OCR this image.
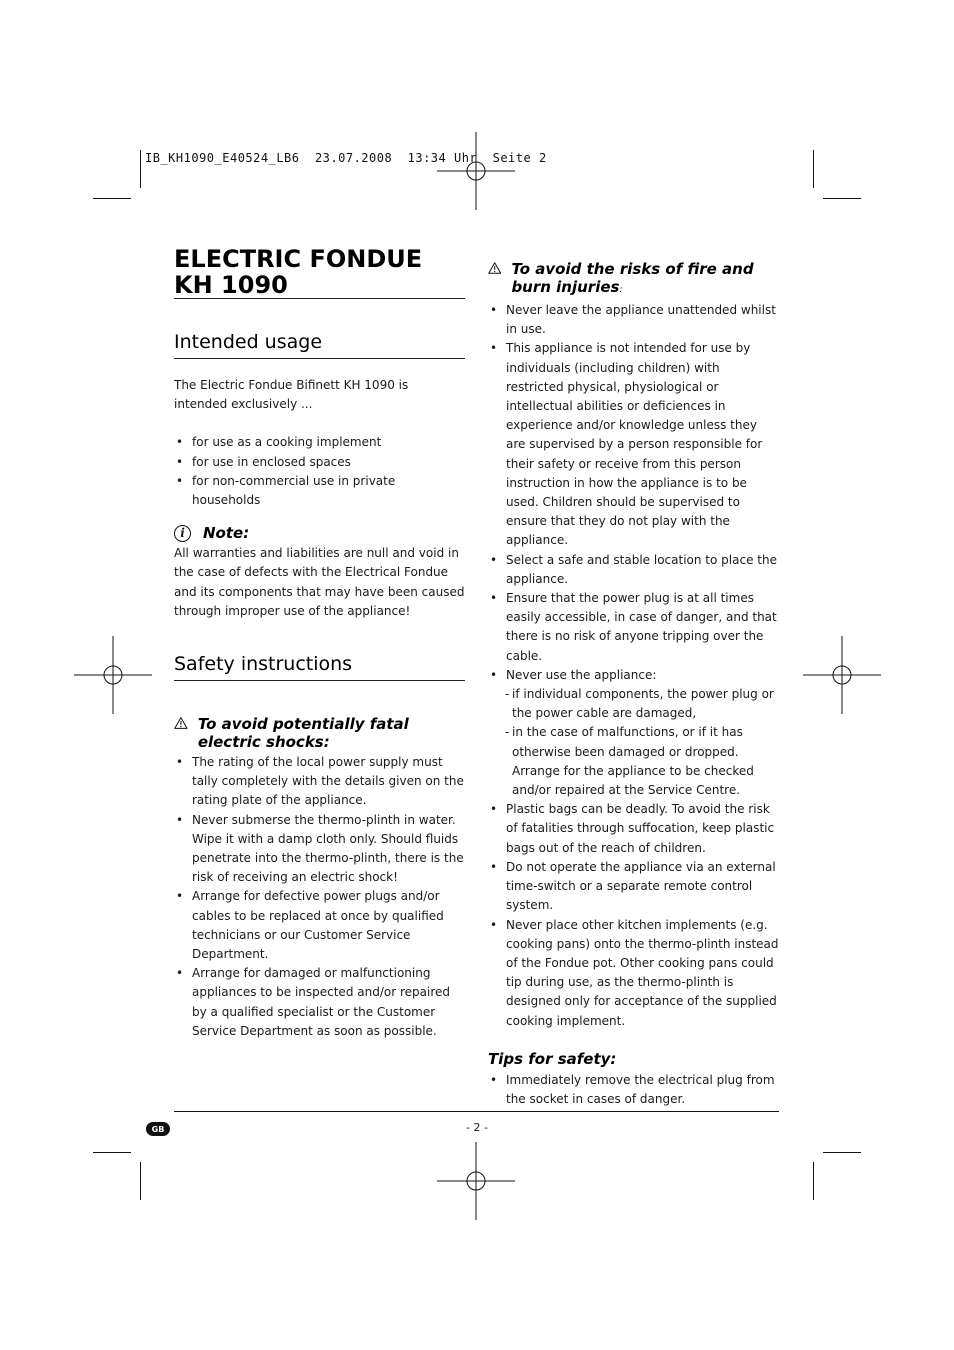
IB_KH1090_E40524_LB6  23.07.2008  13:34 Uhr  Seite 2
ELECTRIC FONDUE
KH 1090
Intended usage

The Electric Fondue Bifinett KH 1090 is intended exclusively ...

• for use as a cooking implement
• for use in enclosed spaces
• for non-commercial use in private households
i	Note:

All warranties and liabilities are null and void in the case of defects with the Electrical Fondue and its components that may have been caused through improper use of the appliance!

Safety instructions
To avoid potentially fatal electric shocks:
• The rating of the local power supply must tally completely with the details given on the rating plate of the appliance.
• Never submerse the thermo-plinth in water. Wipe it with a damp cloth only. Should fluids penetrate into the thermo-plinth, there is the risk of receiving an electric shock!
• Arrange for defective power plugs and/or cables to be replaced at once by qualified technicians or our Customer Service Department.
• Arrange for damaged or malfunctioning appliances to be inspected and/or repaired by a qualified specialist or the Customer Service Department as soon as possible.
To avoid the risks of fire and burn injuries:
• Never leave the appliance unattended whilst in use.
• This appliance is not intended for use by individuals (including children) with restricted physical, physiological or intellectual abilities or deficiences in experience and/or knowledge unless they are supervised by a person responsible for their safety or receive from this person instruction in how the appliance is to be used. Children should be supervised to ensure that they do not play with the appliance.
• Select a safe and stable location to place the appliance.
• Ensure that the power plug is at all times easily accessible, in case of danger, and that there is no risk of anyone tripping over the cable.
• Never use the appliance:
- if individual components, the power plug or the power cable are damaged,
- in the case of malfunctions, or if it has otherwise been damaged or dropped. Arrange for the appliance to be checked and/or repaired at the Service Centre.
• Plastic bags can be deadly. To avoid the risk of fatalities through suffocation, keep plastic bags out of the reach of children.
• Do not operate the appliance via an external time-switch or a separate remote control system.
• Never place other kitchen implements (e.g. cooking pans) onto the thermo-plinth instead of the Fondue pot. Other cooking pans could tip during use, as the thermo-plinth is designed only for acceptance of the supplied cooking implement.
Tips for safety:
• Immediately remove the electrical plug from the socket in cases of danger.
GB	- 2 -
